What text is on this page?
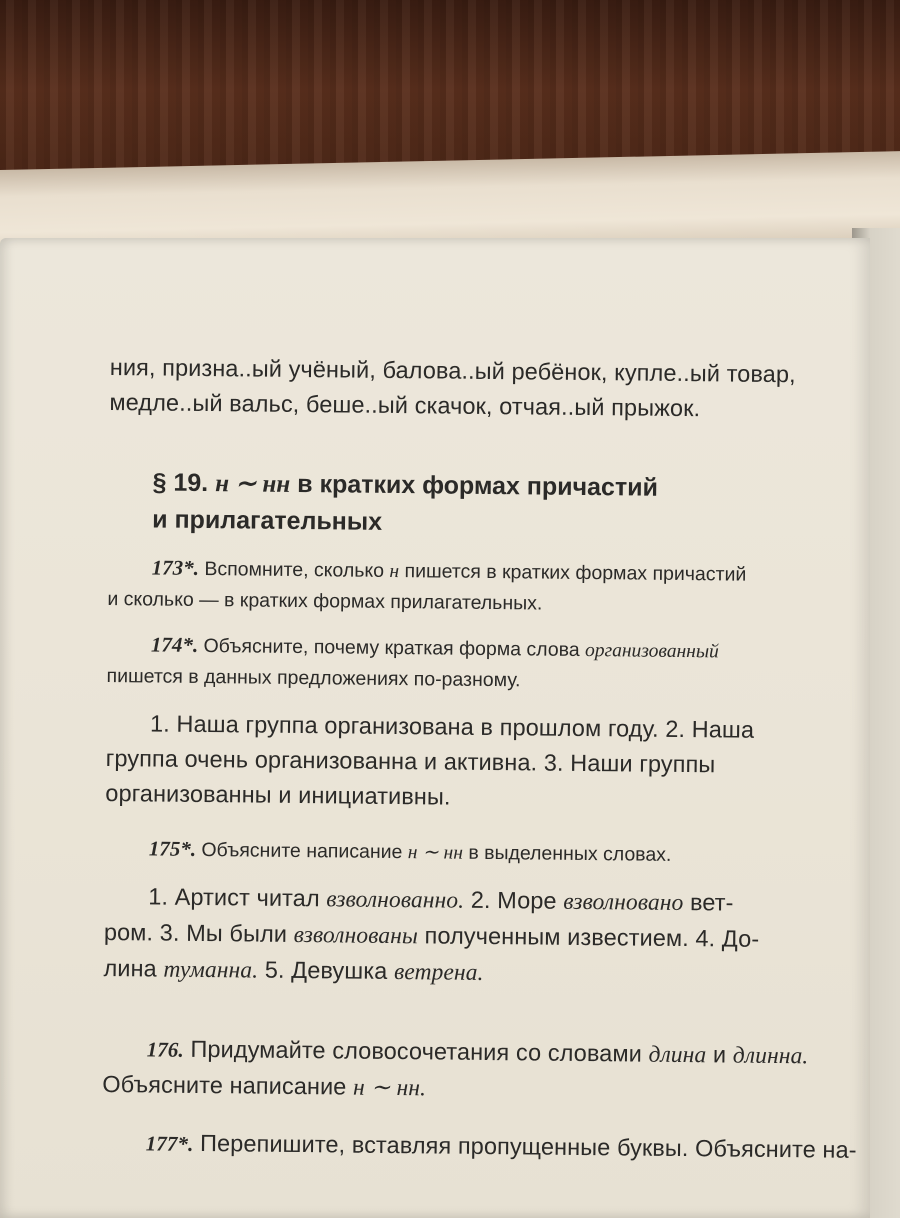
ния, призна..ый учёный, балова..ый ребёнок, купле..ый товар,

медле..ый вальс, беше..ый скачок, отчая..ый прыжок.

§ 19. н ∼ нн в кратких формах причастий

и прилагательных

173*. Вспомните, сколько н пишется в кратких формах причастий

и сколько — в кратких формах прилагательных.

174*. Объясните, почему краткая форма слова организованный

пишется в данных предложениях по-разному.

1. Наша группа организована в прошлом году. 2. Наша

группа очень организованна и активна. 3. Наши группы

организованны и инициативны.

175*. Объясните написание н ∼ нн в выделенных словах.

1. Артист читал взволнованно. 2. Море взволновано вет-

ром. 3. Мы были взволнованы полученным известием. 4. До-

лина туманна. 5. Девушка ветрена.

176. Придумайте словосочетания со словами длина и длинна.

Объясните написание н ∼ нн.

177*. Перепишите, вставляя пропущенные буквы. Объясните на-
